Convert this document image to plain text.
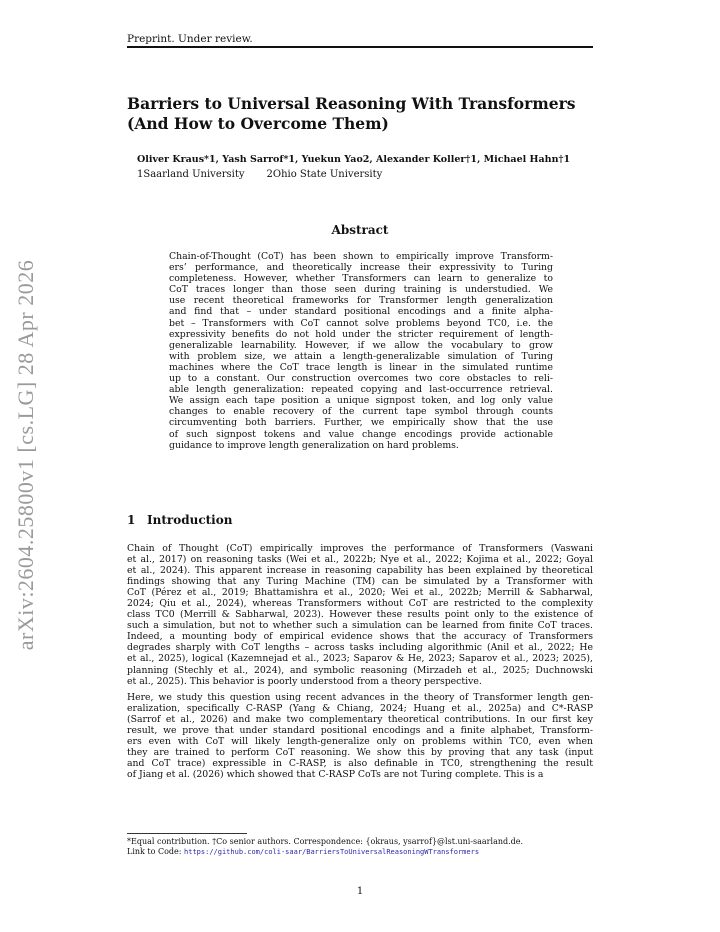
Preprint. Under review.
arXiv:2604.25800v1 [cs.LG] 28 Apr 2026
Barriers to Universal Reasoning With Transformers
(And How to Overcome Them)
Oliver Kraus*1, Yash Sarrof*1, Yuekun Yao2, Alexander Koller†1, Michael Hahn†1
1Saarland University 2Ohio State University
Abstract
Chain-of-Thought (CoT) has been shown to empirically improve Transform-
ers’ performance, and theoretically increase their expressivity to Turing
completeness. However, whether Transformers can learn to generalize to
CoT traces longer than those seen during training is understudied. We
use recent theoretical frameworks for Transformer length generalization
and find that – under standard positional encodings and a finite alpha-
bet – Transformers with CoT cannot solve problems beyond TC0, i.e. the
expressivity benefits do not hold under the stricter requirement of length-
generalizable learnability. However, if we allow the vocabulary to grow
with problem size, we attain a length-generalizable simulation of Turing
machines where the CoT trace length is linear in the simulated runtime
up to a constant. Our construction overcomes two core obstacles to reli-
able length generalization: repeated copying and last-occurrence retrieval.
We assign each tape position a unique signpost token, and log only value
changes to enable recovery of the current tape symbol through counts
circumventing both barriers. Further, we empirically show that the use
of such signpost tokens and value change encodings provide actionable
guidance to improve length generalization on hard problems.
1 Introduction
Chain of Thought (CoT) empirically improves the performance of Transformers (Vaswani
et al., 2017) on reasoning tasks (Wei et al., 2022b; Nye et al., 2022; Kojima et al., 2022; Goyal
et al., 2024). This apparent increase in reasoning capability has been explained by theoretical
findings showing that any Turing Machine (TM) can be simulated by a Transformer with
CoT (Pérez et al., 2019; Bhattamishra et al., 2020; Wei et al., 2022b; Merrill & Sabharwal,
2024; Qiu et al., 2024), whereas Transformers without CoT are restricted to the complexity
class TC0 (Merrill & Sabharwal, 2023). However these results point only to the existence of
such a simulation, but not to whether such a simulation can be learned from finite CoT traces.
Indeed, a mounting body of empirical evidence shows that the accuracy of Transformers
degrades sharply with CoT lengths – across tasks including algorithmic (Anil et al., 2022; He
et al., 2025), logical (Kazemnejad et al., 2023; Saparov & He, 2023; Saparov et al., 2023; 2025),
planning (Stechly et al., 2024), and symbolic reasoning (Mirzadeh et al., 2025; Duchnowski
et al., 2025). This behavior is poorly understood from a theory perspective.
Here, we study this question using recent advances in the theory of Transformer length gen-
eralization, specifically C-RASP (Yang & Chiang, 2024; Huang et al., 2025a) and C*-RASP
(Sarrof et al., 2026) and make two complementary theoretical contributions. In our first key
result, we prove that under standard positional encodings and a finite alphabet, Transform-
ers even with CoT will likely length-generalize only on problems within TC0, even when
they are trained to perform CoT reasoning. We show this by proving that any task (input
and CoT trace) expressible in C-RASP, is also definable in TC0, strengthening the result
of Jiang et al. (2026) which showed that C-RASP CoTs are not Turing complete. This is a
*Equal contribution. †Co senior authors. Correspondence: {okraus, ysarrof}@lst.uni-saarland.de.
Link to Code: https://github.com/coli-saar/BarriersToUniversalReasoningWTransformers
1
